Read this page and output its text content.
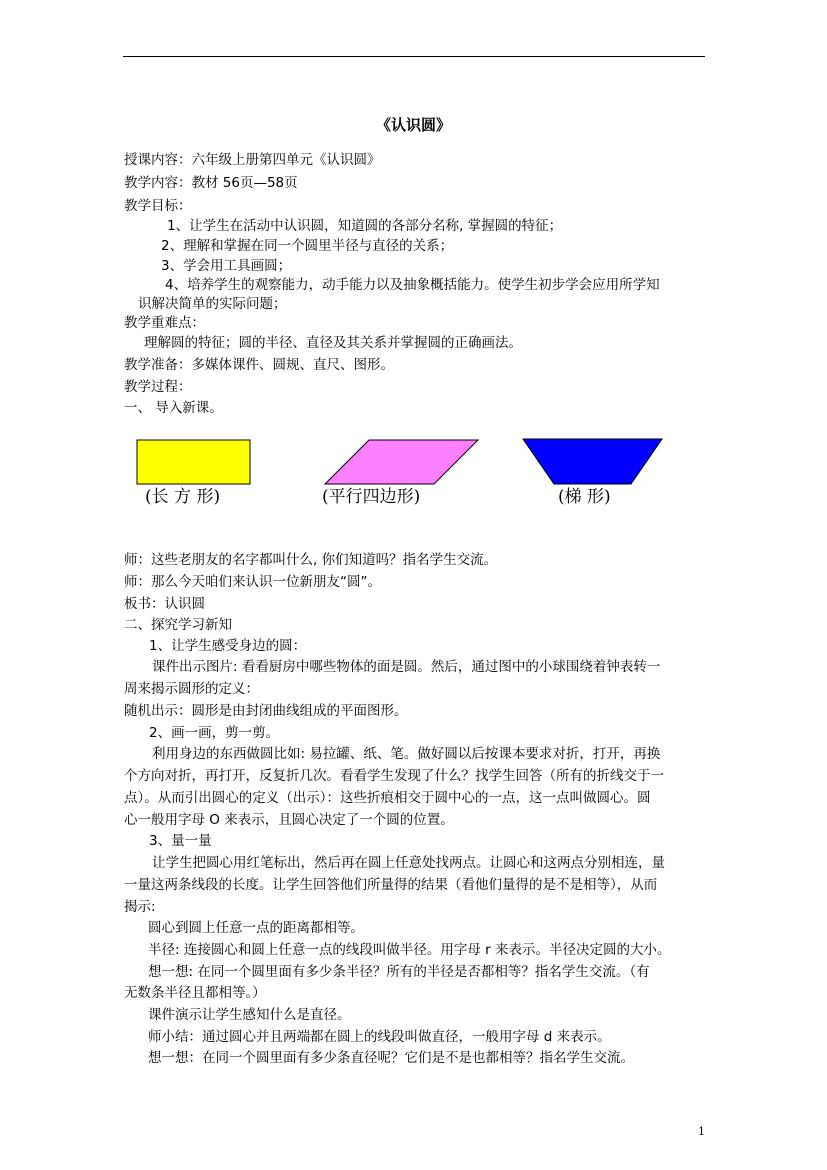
《认识圆》
授课内容：六年级上册第四单元《认识圆》
教学内容：教材 56页—58页
教学目标：
1、让学生在活动中认识圆，知道圆的各部分名称, 掌握圆的特征；
2、理解和掌握在同一个圆里半径与直径的关系；
3、学会用工具画圆；
4、培养学生的观察能力，动手能力以及抽象概括能力。使学生初步学会应用所学知
识解决简单的实际问题；
教学重难点：
理解圆的特征；圆的半径、直径及其关系并掌握圆的正确画法。
教学准备：多媒体课件、圆规、直尺、图形。
教学过程：
一、 导入新课。
(长 方 形)	(平行四边形)	(梯 形)
师：这些老朋友的名字都叫什么, 你们知道吗？指名学生交流。
师：那么今天咱们来认识一位新朋友“圆”。
板书：认识圆
二、探究学习新知
1、让学生感受身边的圆：
课件出示图片: 看看厨房中哪些物体的面是圆。然后，通过图中的小球围绕着钟表转一
周来揭示圆形的定义：
随机出示：圆形是由封闭曲线组成的平面图形。
2、画一画，剪一剪。
利用身边的东西做圆比如: 易拉罐、纸、笔。做好圆以后按课本要求对折，打开，再换
个方向对折，再打开，反复折几次。看看学生发现了什么？找学生回答（所有的折线交于一
点）。从而引出圆心的定义（出示）：这些折痕相交于圆中心的一点，这一点叫做圆心。圆
心一般用字母 O 来表示，且圆心决定了一个圆的位置。
3、量一量
让学生把圆心用红笔标出，然后再在圆上任意处找两点。让圆心和这两点分别相连，量
一量这两条线段的长度。让学生回答他们所量得的结果（看他们量得的是不是相等），从而
揭示:
圆心到圆上任意一点的距离都相等。
半径: 连接圆心和圆上任意一点的线段叫做半径。用字母 r 来表示。半径决定圆的大小。
想一想: 在同一个圆里面有多少条半径？所有的半径是否都相等？指名学生交流。（有
无数条半径且都相等。）
课件演示让学生感知什么是直径。
师小结：通过圆心并且两端都在圆上的线段叫做直径，一般用字母 d 来表示。
想一想：在同一个圆里面有多少条直径呢？它们是不是也都相等？指名学生交流。
1
